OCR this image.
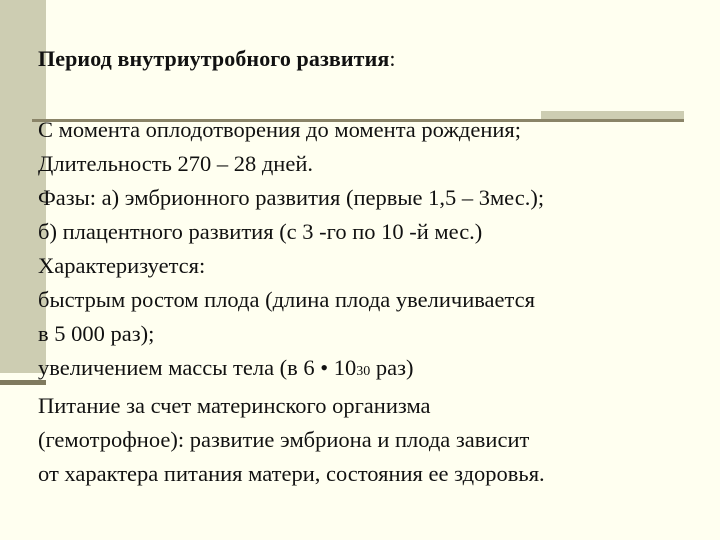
Период внутриутробного развития:
С момента оплодотворения до момента рождения;
Длительность 270 – 28 дней.
Фазы: а) эмбрионного развития (первые 1,5 – 3мес.);
б) плацентного развития (с 3 -го по 10 -й мес.)
Характеризуется:
быстрым ростом плода (длина плода увеличивается
в 5 000 раз);
увеличением массы тела (в 6 • 1030 раз)
Питание за счет материнского организма
(гемотрофное): развитие эмбриона и плода зависит
от характера питания матери, состояния ее здоровья.
